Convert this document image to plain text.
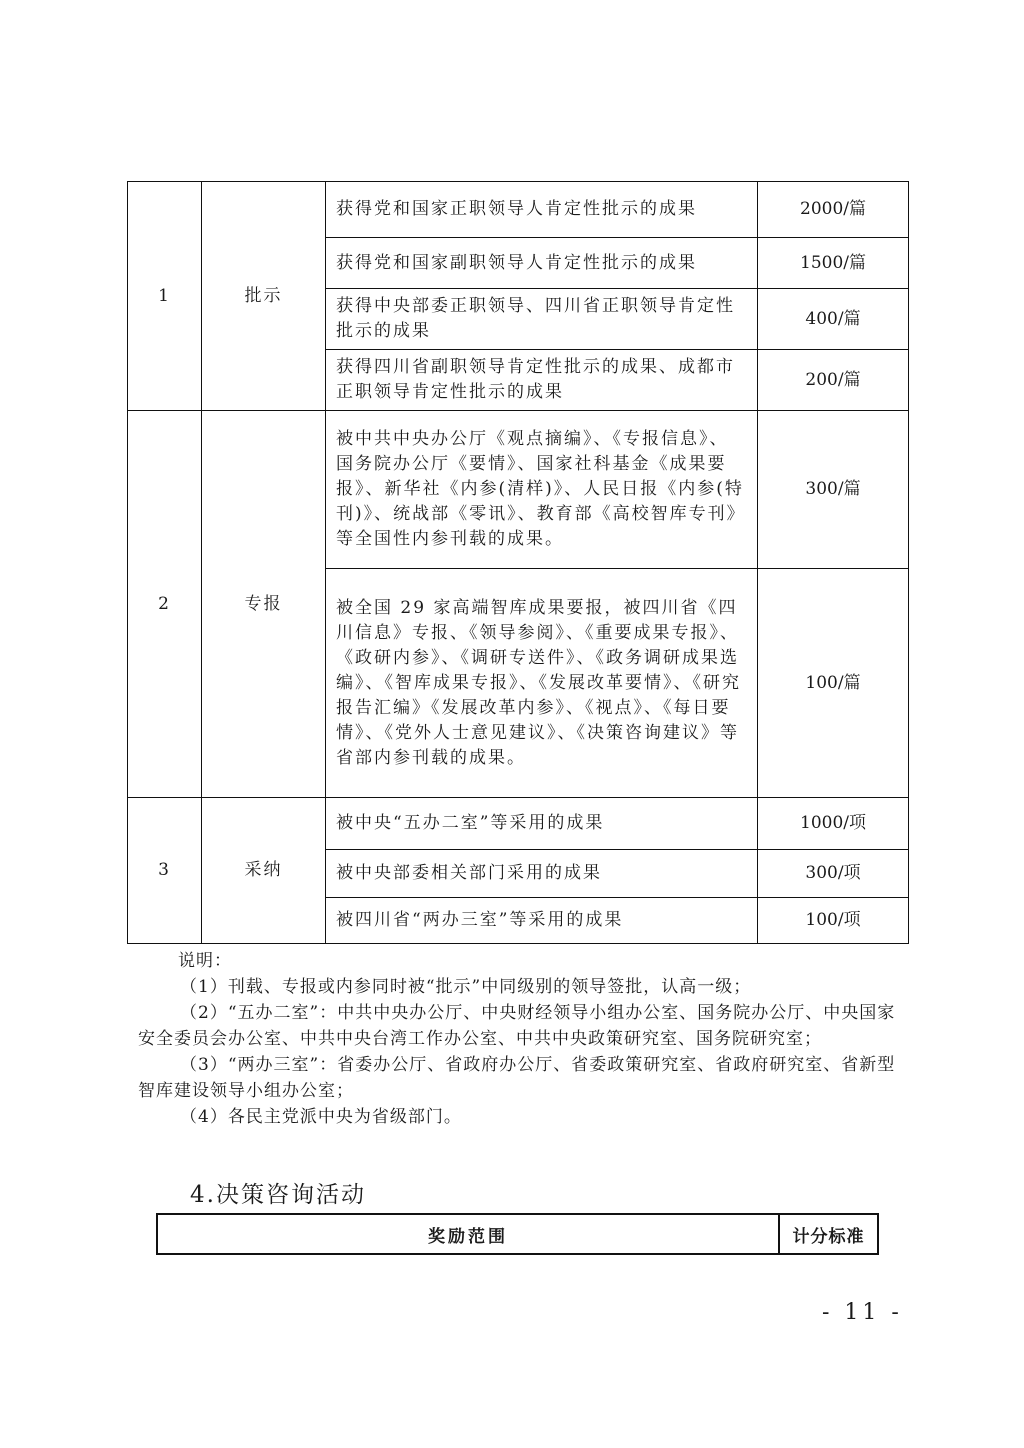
1	批示	获得党和国家正职领导人肯定性批示的成果	2000/篇
		获得党和国家副职领导人肯定性批示的成果	1500/篇
		获得中央部委正职领导、四川省正职领导肯定性批示的成果	400/篇
		获得四川省副职领导肯定性批示的成果、成都市正职领导肯定性批示的成果	200/篇
2	专报	被中共中央办公厅《观点摘编》、《专报信息》、国务院办公厅《要情》、国家社科基金《成果要报》、新华社《内参(清样)》、人民日报《内参(特刊)》、统战部《零讯》、教育部《高校智库专刊》等全国性内参刊载的成果。	300/篇
		被全国 29 家高端智库成果要报，被四川省《四川信息》专报、《领导参阅》、《重要成果专报》、《政研内参》、《调研专送件》、《政务调研成果选编》、《智库成果专报》、《发展改革要情》、《研究报告汇编》《发展改革内参》、《视点》、《每日要情》、《党外人士意见建议》、《决策咨询建议》等省部内参刊载的成果。	100/篇
3	采纳	被中央“五办二室”等采用的成果	1000/项
		被中央部委相关部门采用的成果	300/项
		被四川省“两办三室”等采用的成果	100/项

说明：

（1）刊载、专报或内参同时被“批示”中同级别的领导签批，认高一级；

（2）“五办二室”：中共中央办公厅、中央财经领导小组办公室、国务院办公厅、中央国家安全委员会办公室、中共中央台湾工作办公室、中共中央政策研究室、国务院研究室；

（3）“两办三室”：省委办公厅、省政府办公厅、省委政策研究室、省政府研究室、省新型智库建设领导小组办公室；

（4）各民主党派中央为省级部门。

4.决策咨询活动
奖励范围	计分标准
- 11 -
